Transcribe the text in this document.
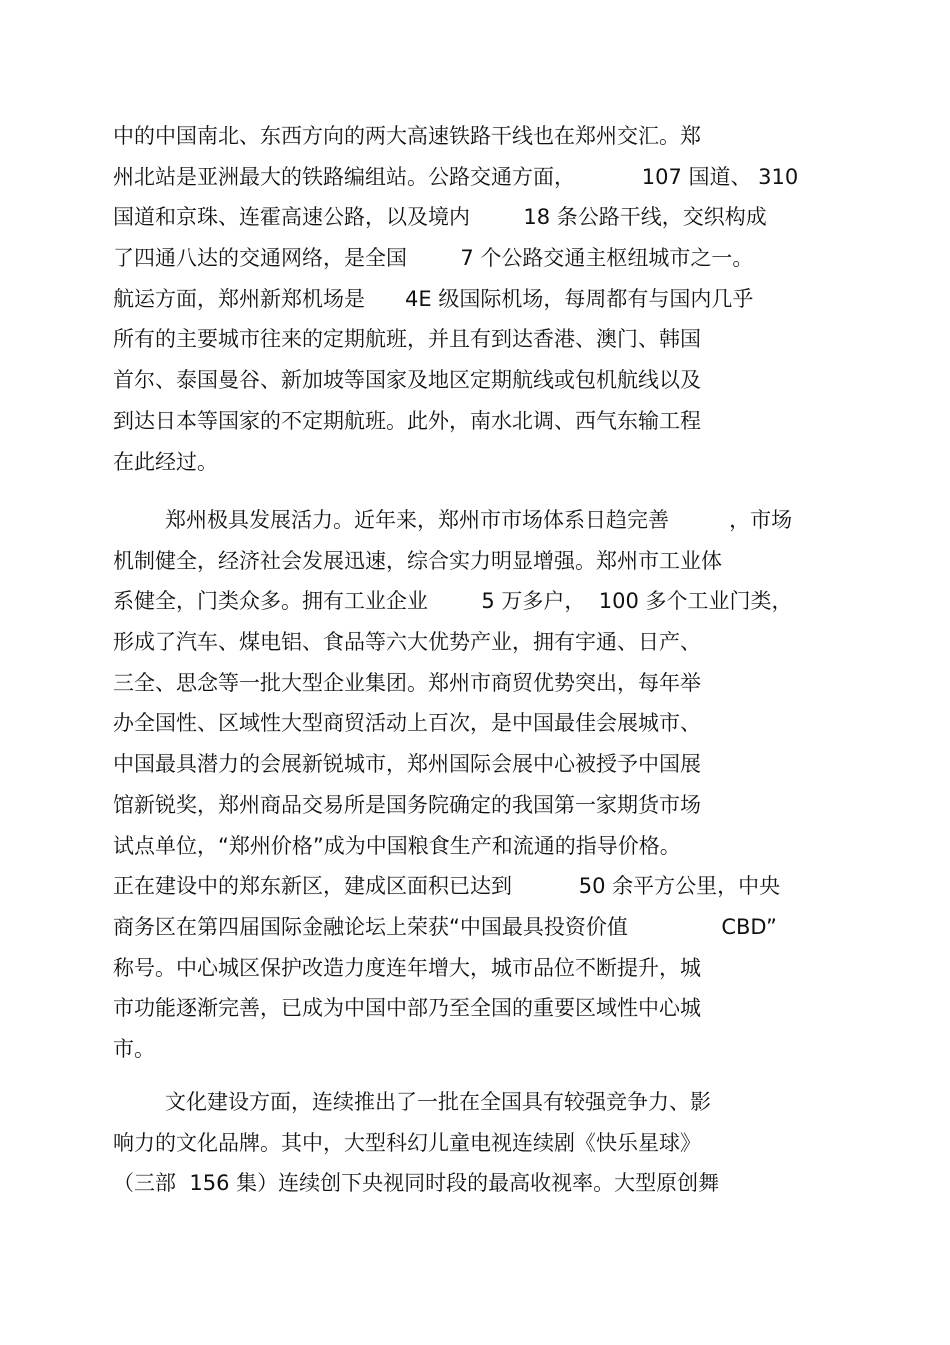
中的中国南北、东西方向的两大高速铁路干线也在郑州交汇。郑
州北站是亚洲最大的铁路编组站。公路交通方面，          107 国道、 310
国道和京珠、连霍高速公路，以及境内        18 条公路干线，交织构成
了四通八达的交通网络，是全国        7 个公路交通主枢纽城市之一。
航运方面，郑州新郑机场是      4E 级国际机场，每周都有与国内几乎
所有的主要城市往来的定期航班，并且有到达香港、澳门、韩国
首尔、泰国曼谷、新加坡等国家及地区定期航线或包机航线以及
到达日本等国家的不定期航班。此外，南水北调、西气东输工程
在此经过。
郑州极具发展活力。近年来，郑州市市场体系日趋完善         ，市场
机制健全，经济社会发展迅速，综合实力明显增强。郑州市工业体
系健全，门类众多。拥有工业企业        5 万多户，  100 多个工业门类，
形成了汽车、煤电铝、食品等六大优势产业，拥有宇通、日产、
三全、思念等一批大型企业集团。郑州市商贸优势突出，每年举
办全国性、区域性大型商贸活动上百次，是中国最佳会展城市、
中国最具潜力的会展新锐城市，郑州国际会展中心被授予中国展
馆新锐奖，郑州商品交易所是国务院确定的我国第一家期货市场
试点单位，“郑州价格”成为中国粮食生产和流通的指导价格。
正在建设中的郑东新区，建成区面积已达到          50 余平方公里，中央
商务区在第四届国际金融论坛上荣获“中国最具投资价值              CBD”
称号。中心城区保护改造力度连年增大，城市品位不断提升，城
市功能逐渐完善，已成为中国中部乃至全国的重要区域性中心城
市。
文化建设方面，连续推出了一批在全国具有较强竞争力、影
响力的文化品牌。其中，大型科幻儿童电视连续剧《快乐星球》
（三部  156 集）连续创下央视同时段的最高收视率。大型原创舞
